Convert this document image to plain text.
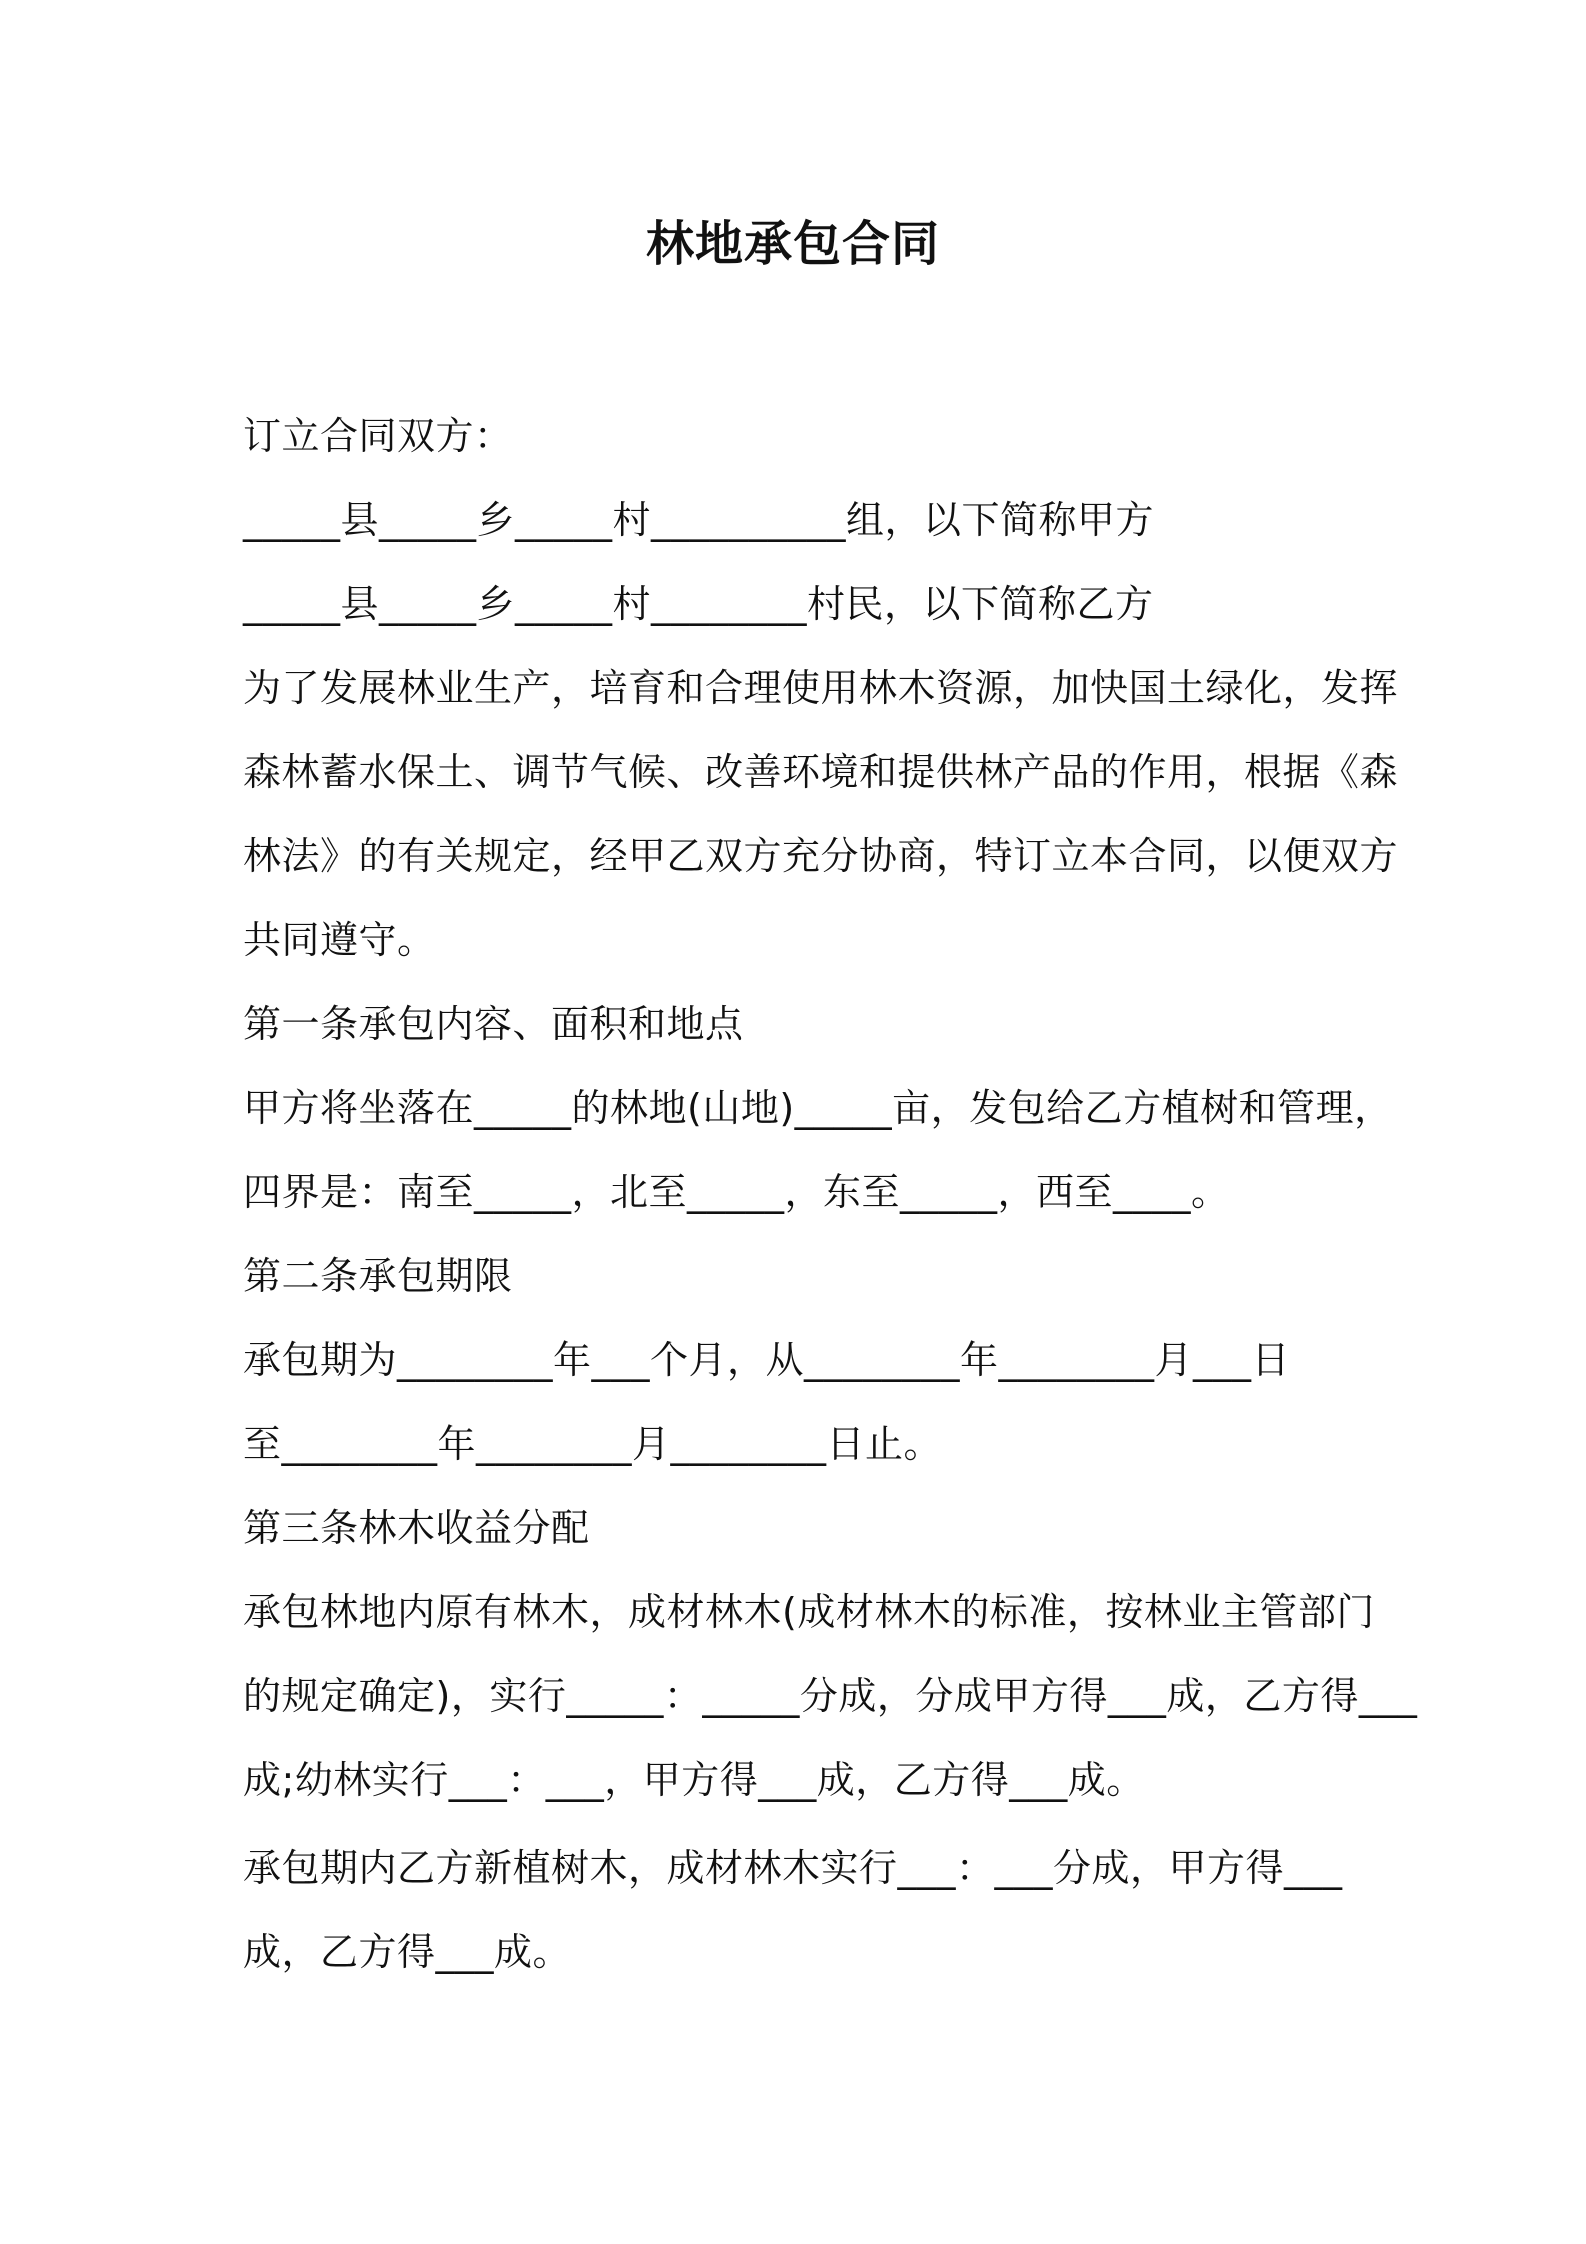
林地承包合同
订立合同双方：
_____县_____乡_____村__________组，以下简称甲方
_____县_____乡_____村________村民，以下简称乙方
为了发展林业生产，培育和合理使用林木资源，加快国土绿化，发挥
森林蓄水保土、调节气候、改善环境和提供林产品的作用，根据《森
林法》的有关规定，经甲乙双方充分协商，特订立本合同，以便双方
共同遵守。
第一条承包内容、面积和地点
甲方将坐落在_____的林地(山地)_____亩，发包给乙方植树和管理，
四界是：南至_____，北至_____，东至_____，西至____。
第二条承包期限
承包期为________年___个月，从________年________月___日
至________年________月________日止。
第三条林木收益分配
承包林地内原有林木，成材林木(成材林木的标准，按林业主管部门
的规定确定)，实行_____：_____分成，分成甲方得___成，乙方得___
成;幼林实行___：___，甲方得___成，乙方得___成。
承包期内乙方新植树木，成材林木实行___：___分成，甲方得___
成，乙方得___成。
